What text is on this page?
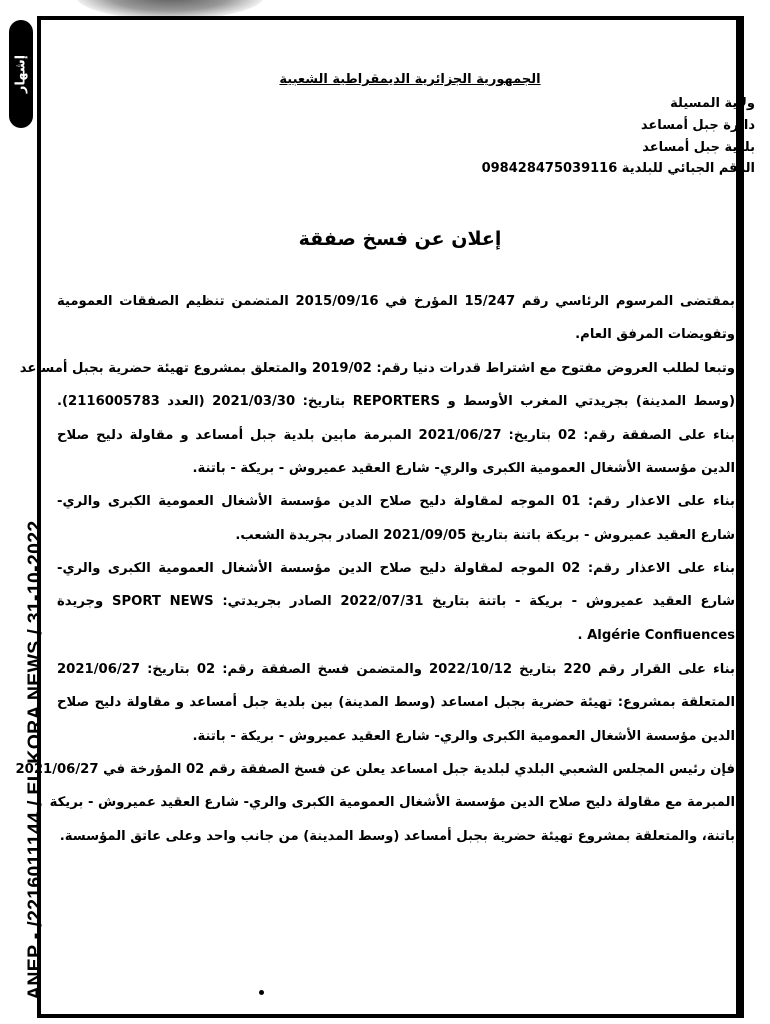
إشهار
ANEP - /2216011144 / EL KORA NEWS / 31-10-2022
الجمهورية الجزائرية الديمقراطية الشعبية
ولاية المسيلة
دائرة جبل أمساعد
بلدية جبل أمساعد
الرقم الجبائي للبلدية 098428475039116
إعلان عن فسخ صفقة
بمقتضى المرسوم الرئاسي رقم 15/247 المؤرخ في 2015/09/16 المتضمن تنظيم الصفقات العمومية
وتفويضات المرفق العام.
وتبعا لطلب العروض مفتوح مع اشتراط قدرات دنيا رقم: 2019/02 والمتعلق بمشروع تهيئة حضرية بجبل أمساعد
(وسط المدينة) بجريدتي المغرب الأوسط و REPORTERS بتاريخ: 2021/03/30 (العدد 2116005783).
بناء على الصفقة رقم: 02 بتاريخ: 2021/06/27 المبرمة مابين بلدية جبل أمساعد و مقاولة دليح صلاح
الدين مؤسسة الأشغال العمومية الكبرى والري- شارع العقيد عميروش - بريكة - باتنة.
بناء على الاعذار رقم: 01 الموجه لمقاولة دليح صلاح الدين مؤسسة الأشغال العمومية الكبرى والري-
شارع العقيد عميروش - بريكة باتنة بتاريخ 2021/09/05 الصادر بجريدة الشعب.
بناء على الاعذار رقم: 02 الموجه لمقاولة دليح صلاح الدين مؤسسة الأشغال العمومية الكبرى والري-
شارع العقيد عميروش - بريكة - باتنة بتاريخ 2022/07/31 الصادر بجريدتي: SPORT NEWS وجريدة
Algérie Confiuences .
بناء على القرار رقم 220 بتاريخ 2022/10/12 والمتضمن فسخ الصفقة رقم: 02 بتاريخ: 2021/06/27
المتعلقة بمشروع: تهيئة حضرية بجبل امساعد (وسط المدينة) بين بلدية جبل أمساعد و مقاولة دليح صلاح
الدين مؤسسة الأشغال العمومية الكبرى والري- شارع العقيد عميروش - بريكة - باتنة.
فإن رئيس المجلس الشعبي البلدي لبلدية جبل امساعد يعلن عن فسخ الصفقة رقم 02 المؤرخة في 2021/06/27
المبرمة مع مقاولة دليح صلاح الدين مؤسسة الأشغال العمومية الكبرى والري- شارع العقيد عميروش - بريكة
باتنة، والمتعلقة بمشروع تهيئة حضرية بجبل أمساعد (وسط المدينة) من جانب واحد وعلى عاتق المؤسسة.
